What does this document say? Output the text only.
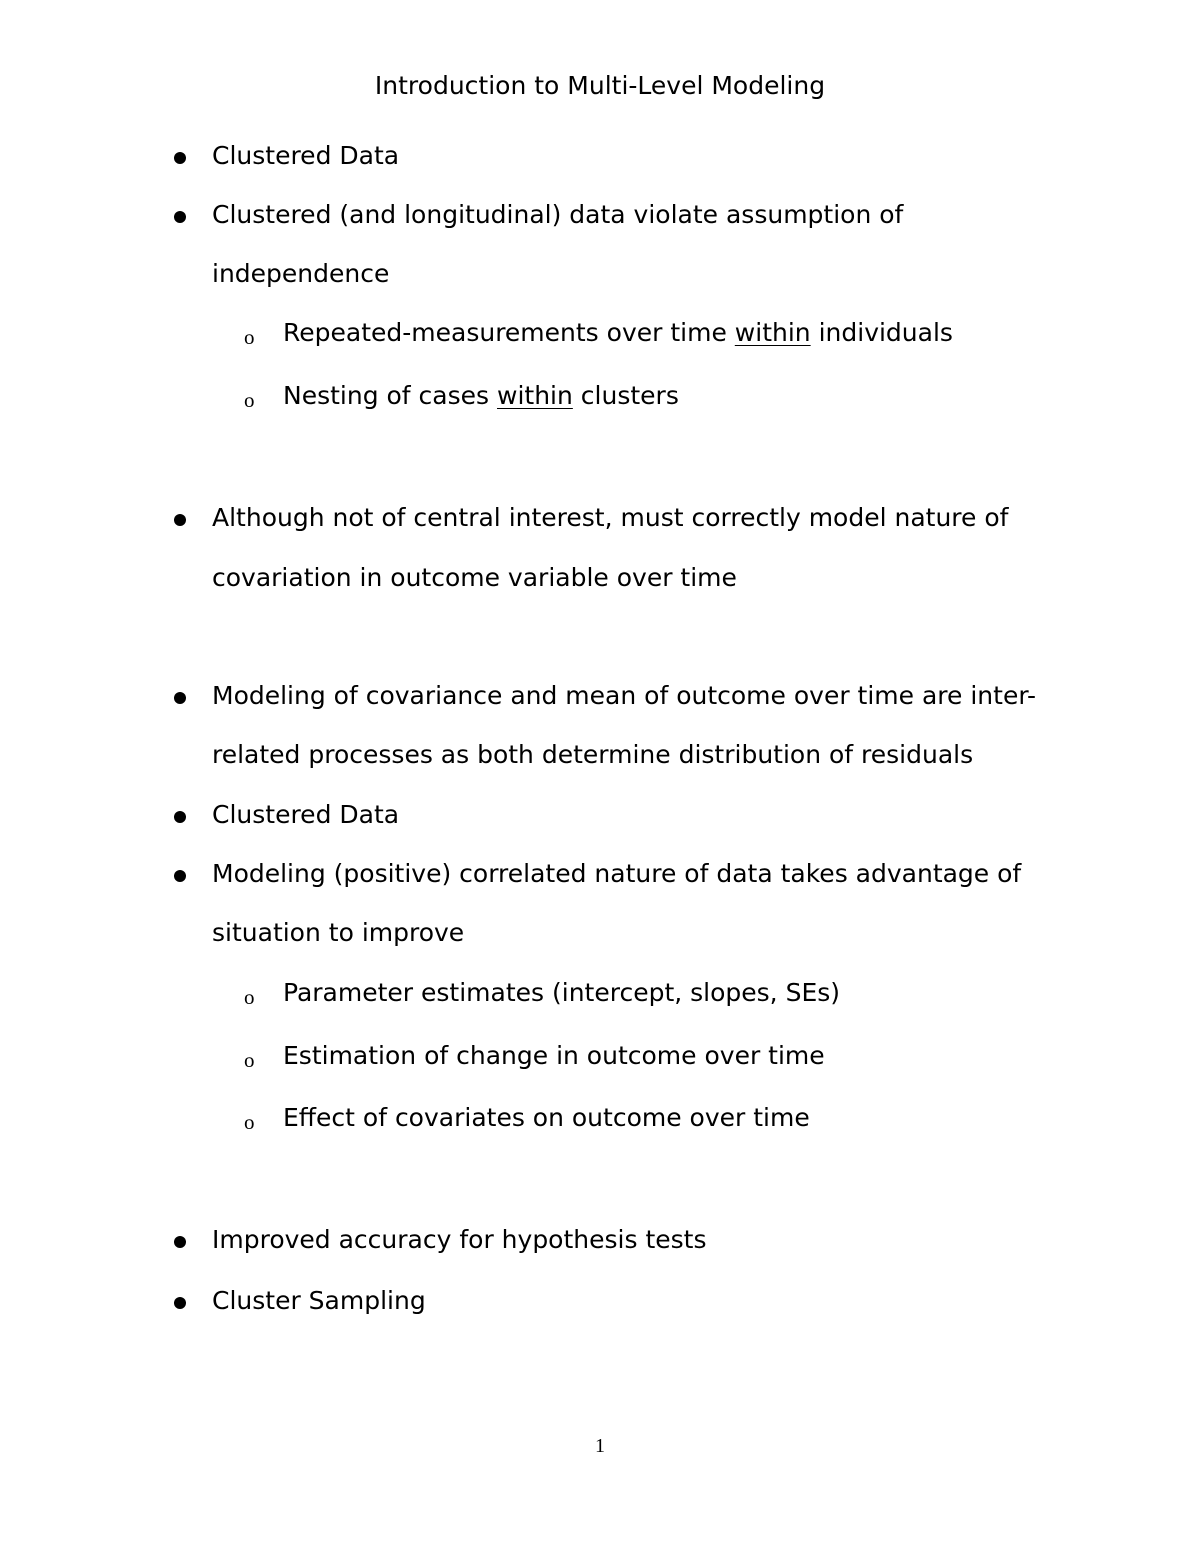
Introduction to Multi-Level Modeling
Clustered Data
Clustered (and longitudinal) data violate assumption of
independence
o Repeated-measurements over time within individuals
o Nesting of cases within clusters
Although not of central interest, must correctly model nature of
covariation in outcome variable over time
Modeling of covariance and mean of outcome over time are inter-
related processes as both determine distribution of residuals
Clustered Data
Modeling (positive) correlated nature of data takes advantage of
situation to improve
o Parameter estimates (intercept, slopes, SEs)
o Estimation of change in outcome over time
o Effect of covariates on outcome over time
Improved accuracy for hypothesis tests
Cluster Sampling
1
